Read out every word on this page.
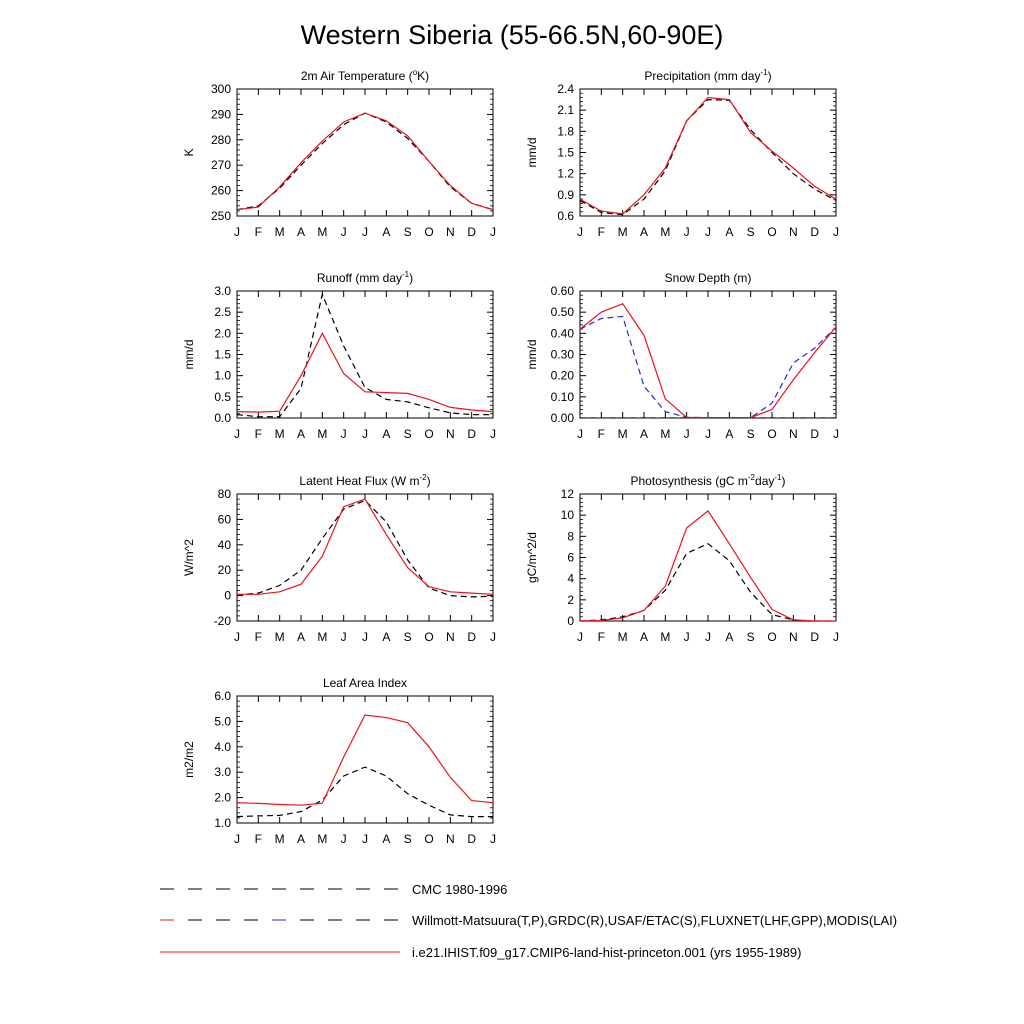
Western Siberia (55-66.5N,60-90E)
2m Air Temperature ($^o$K)
250
260
270
280
290
300
J F M A M J J A S O N D J
K
Precipitation (mm day$^{-1}$)
0.6
0.9
1.2
1.5
1.8
2.1
2.4
J F M A M J J A S O N D J
mm/d
Runoff (mm day$^{-1}$)
0.0
0.5
1.0
1.5
2.0
2.5
3.0
J F M A M J J A S O N D J
mm/d
Snow Depth (m)
0.00
0.10
0.20
0.30
0.40
0.50
0.60
J F M A M J J A S O N D J
mm/d
Latent Heat Flux (W $m^{-2}$)
-20
0
20
40
60
80
J F M A M J J A S O N D J
W/m^2
Photosynthesis (gC $m^{-2}day^{-1}$)
0
2
4
6
8
10
12
J F M A M J J A S O N D J
gC/m^2/d
Leaf Area Index
1.0
2.0
3.0
4.0
5.0
6.0
J F M A M J J A S O N D J
m2/m2
CMC 1980-1996
Willmott-Matsuura(T,P),GRDC(R),USAF/ETAC(S),FLUXNET(LHF,GPP),MODIS(LAI)
i.e21.IHIST.f09_g17.CMIP6-land-hist-princeton.001 (yrs 1955-1989)
